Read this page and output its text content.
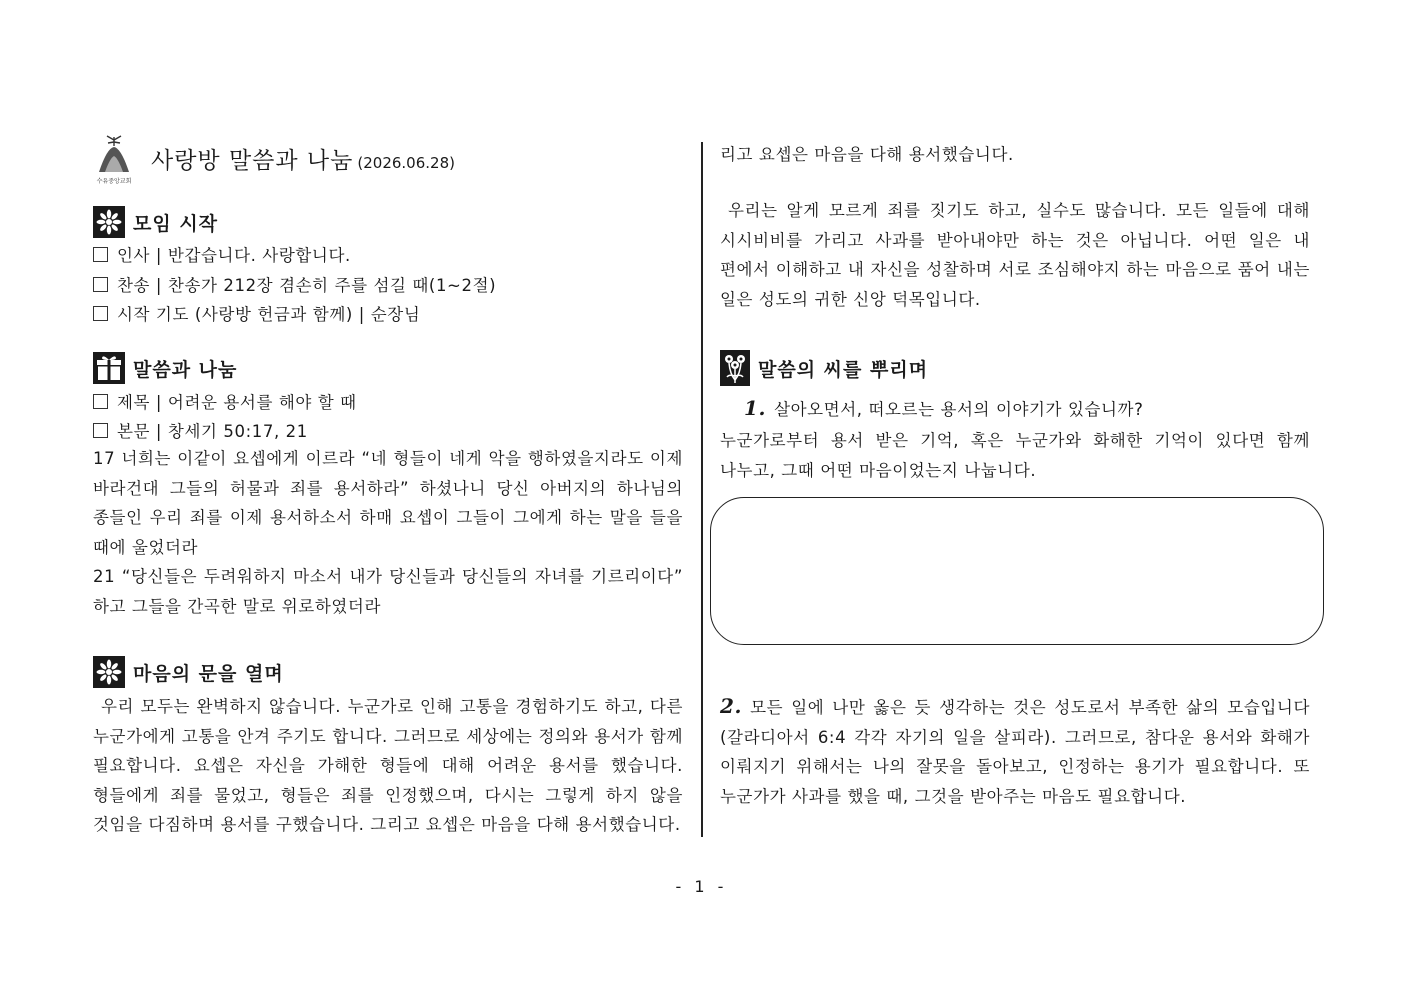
수유중앙교회
사랑방 말씀과 나눔 (2026.06.28)
모임 시작
인사 | 반갑습니다. 사랑합니다.
찬송 | 찬송가 212장 겸손히 주를 섬길 때(1~2절)
시작 기도 (사랑방 헌금과 함께) | 순장님
말씀과 나눔
제목 | 어려운 용서를 해야 할 때
본문 | 창세기 50:17, 21
17 너희는 이같이 요셉에게 이르라 “네 형들이 네게 악을 행하였을지라도 이제 바라건대 그들의 허물과 죄를 용서하라” 하셨나니 당신 아버지의 하나님의 종들인 우리 죄를 이제 용서하소서 하매 요셉이 그들이 그에게 하는 말을 들을 때에 울었더라
21 “당신들은 두려워하지 마소서 내가 당신들과 당신들의 자녀를 기르리이다” 하고 그들을 간곡한 말로 위로하였더라
마음의 문을 열며
우리 모두는 완벽하지 않습니다. 누군가로 인해 고통을 경험하기도 하고, 다른 누군가에게 고통을 안겨 주기도 합니다. 그러므로 세상에는 정의와 용서가 함께 필요합니다. 요셉은 자신을 가해한 형들에 대해 어려운 용서를 했습니다. 형들에게 죄를 물었고, 형들은 죄를 인정했으며, 다시는 그렇게 하지 않을 것임을 다짐하며 용서를 구했습니다. 그리고 요셉은 마음을 다해 용서했습니다.
리고 요셉은 마음을 다해 용서했습니다.
우리는 알게 모르게 죄를 짓기도 하고, 실수도 많습니다. 모든 일들에 대해 시시비비를 가리고 사과를 받아내야만 하는 것은 아닙니다. 어떤 일은 내 편에서 이해하고 내 자신을 성찰하며 서로 조심해야지 하는 마음으로 품어 내는 일은 성도의 귀한 신앙 덕목입니다.
말씀의 씨를 뿌리며
1. 살아오면서, 떠오르는 용서의 이야기가 있습니까?
누군가로부터 용서 받은 기억, 혹은 누군가와 화해한 기억이 있다면 함께 나누고, 그때 어떤 마음이었는지 나눕니다.
2. 모든 일에 나만 옳은 듯 생각하는 것은 성도로서 부족한 삶의 모습입니다(갈라디아서 6:4 각각 자기의 일을 살피라). 그러므로, 참다운 용서와 화해가 이뤄지기 위해서는 나의 잘못을 돌아보고, 인정하는 용기가 필요합니다. 또 누군가가 사과를 했을 때, 그것을 받아주는 마음도 필요합니다.
- 1 -
